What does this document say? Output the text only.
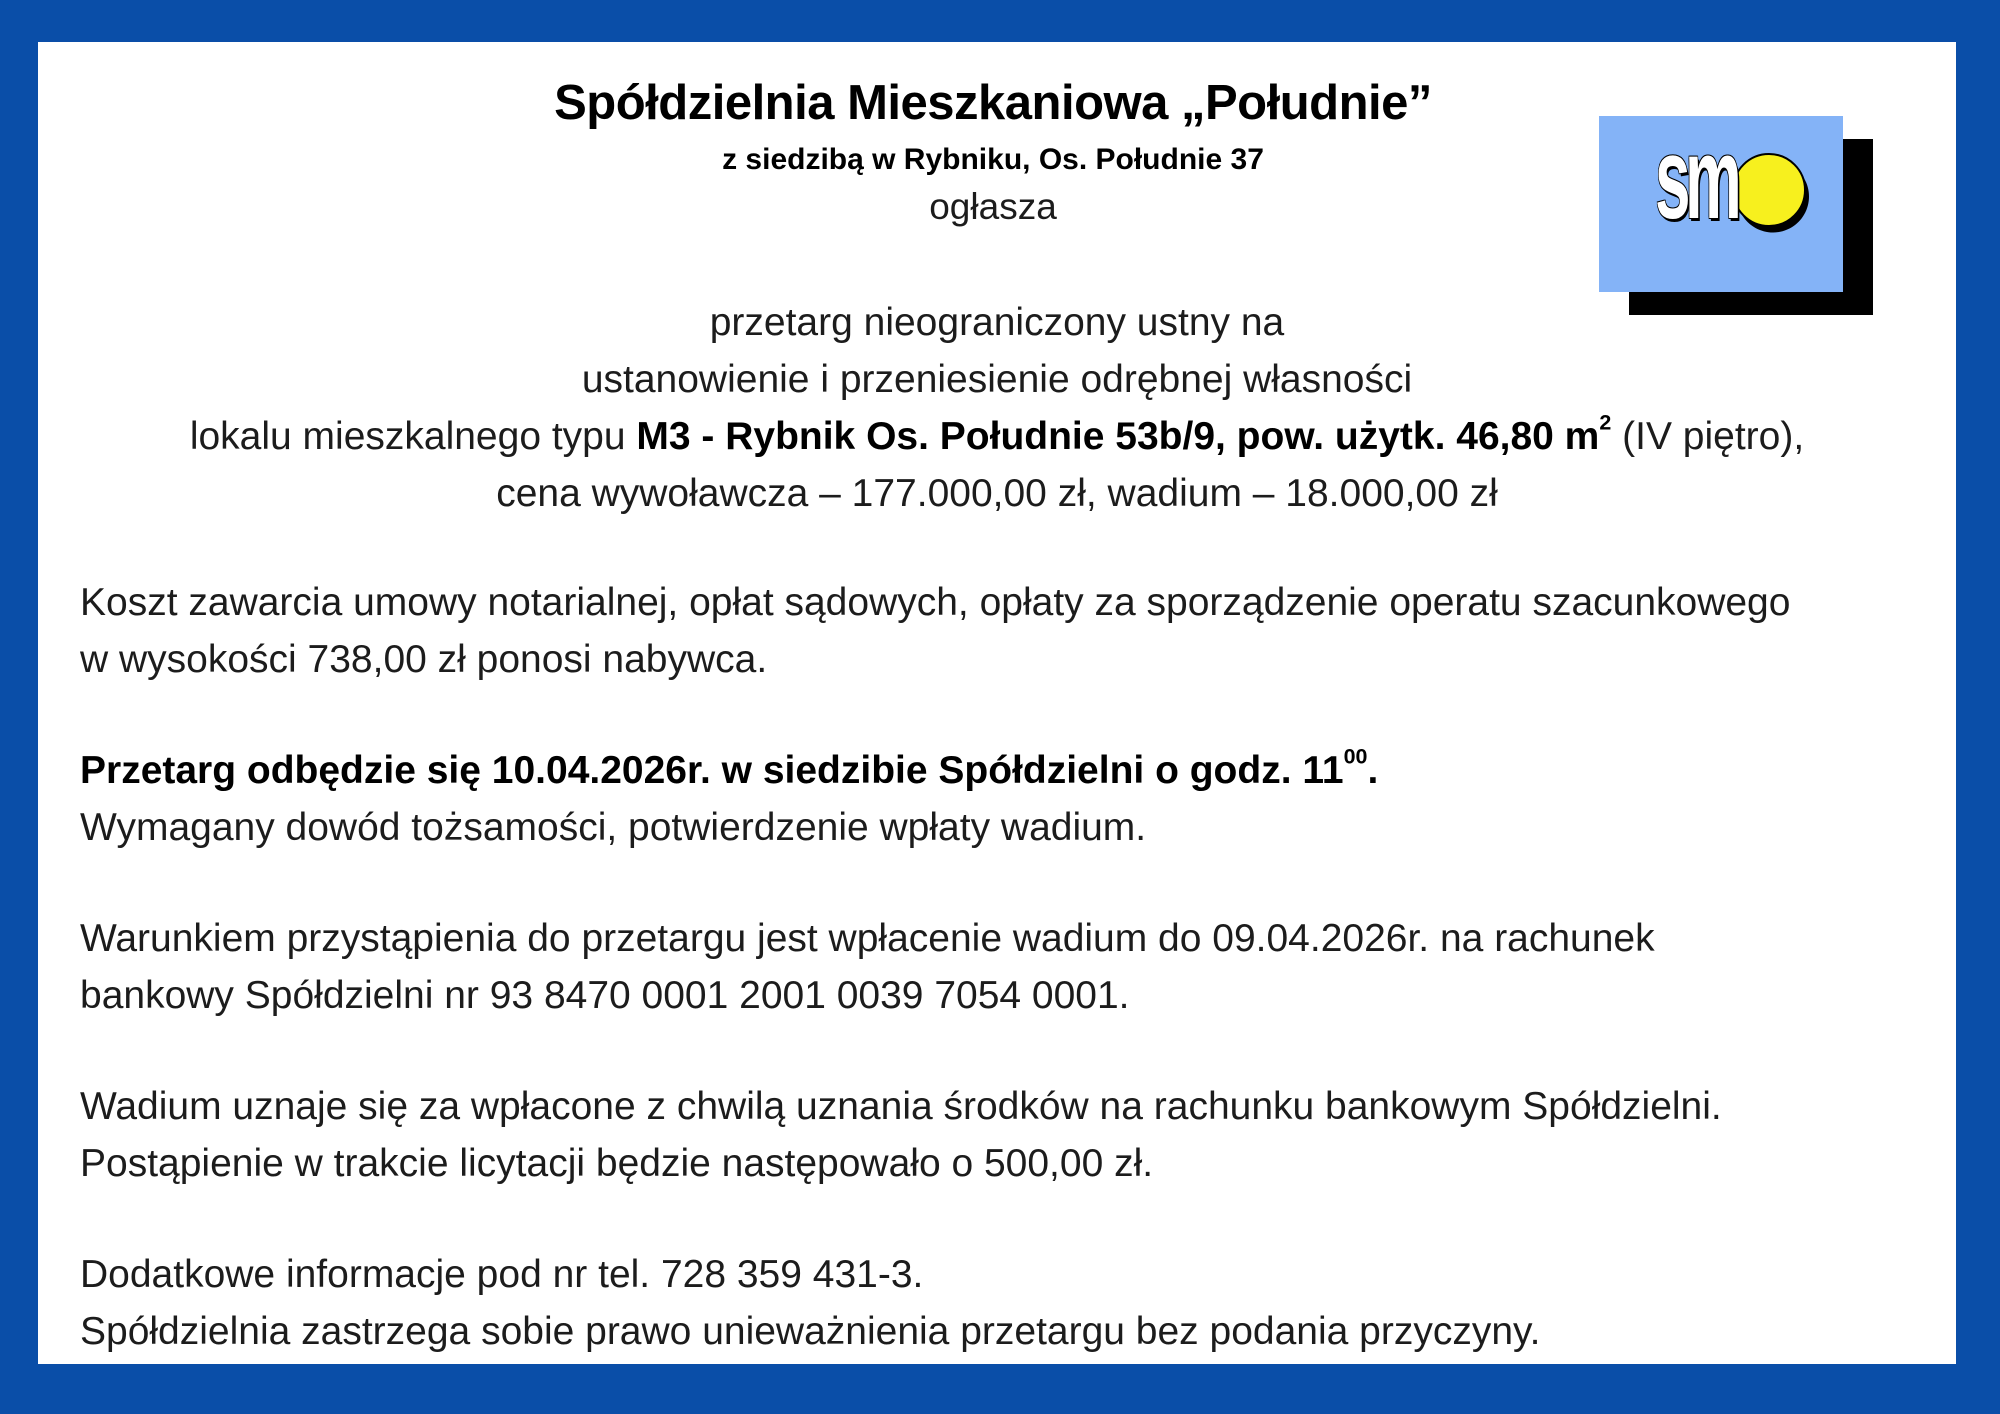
Spółdzielnia Mieszkaniowa „Południe”
z siedzibą w Rybniku, Os. Południe 37
ogłasza	sm
przetarg nieograniczony ustny na
ustanowienie i przeniesienie odrębnej własności
lokalu mieszkalnego typu M3 - Rybnik Os. Południe 53b/9, pow. użytk. 46,80 $m^2$ (IV piętro),
cena wywoławcza – 177.000,00 zł, wadium – 18.000,00 zł
Koszt zawarcia umowy notarialnej, opłat sądowych, opłaty za sporządzenie operatu szacunkowego
w wysokości 738,00 zł ponosi nabywca.
Przetarg odbędzie się 10.04.2026r. w siedzibie Spółdzielni o godz. $11^{00}$.
Wymagany dowód tożsamości, potwierdzenie wpłaty wadium.
Warunkiem przystąpienia do przetargu jest wpłacenie wadium do 09.04.2026r. na rachunek
bankowy Spółdzielni nr 93 8470 0001 2001 0039 7054 0001.
Wadium uznaje się za wpłacone z chwilą uznania środków na rachunku bankowym Spółdzielni.
Postąpienie w trakcie licytacji będzie następowało o 500,00 zł.
Dodatkowe informacje pod nr tel. 728 359 431-3.
Spółdzielnia zastrzega sobie prawo unieważnienia przetargu bez podania przyczyny.
